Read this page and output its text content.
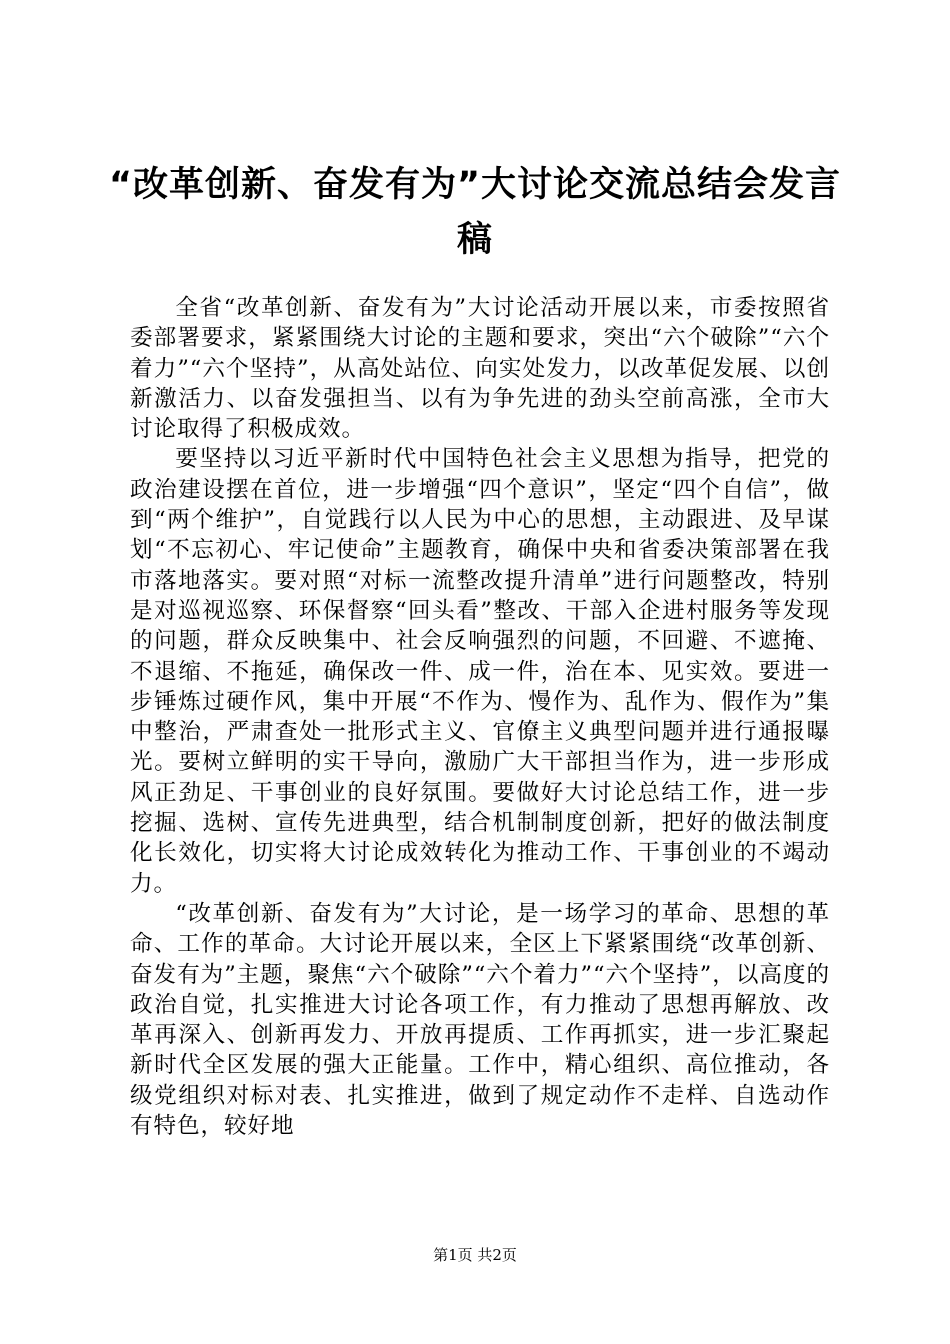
“改革创新、奋发有为”大讨论交流总结会发言稿

全省“改革创新、奋发有为”大讨论活动开展以来，市委按照省委部署要求，紧紧围绕大讨论的主题和要求，突出“六个破除”“六个着力”“六个坚持”，从高处站位、向实处发力，以改革促发展、以创新激活力、以奋发强担当、以有为争先进的劲头空前高涨，全市大讨论取得了积极成效。

要坚持以习近平新时代中国特色社会主义思想为指导，把党的政治建设摆在首位，进一步增强“四个意识”，坚定“四个自信”，做到“两个维护”，自觉践行以人民为中心的思想，主动跟进、及早谋划“不忘初心、牢记使命”主题教育，确保中央和省委决策部署在我市落地落实。要对照“对标一流整改提升清单”进行问题整改，特别是对巡视巡察、环保督察“回头看”整改、干部入企进村服务等发现的问题，群众反映集中、社会反响强烈的问题，不回避、不遮掩、不退缩、不拖延，确保改一件、成一件，治在本、见实效。要进一步锤炼过硬作风，集中开展“不作为、慢作为、乱作为、假作为”集中整治，严肃查处一批形式主义、官僚主义典型问题并进行通报曝光。要树立鲜明的实干导向，激励广大干部担当作为，进一步形成风正劲足、干事创业的良好氛围。要做好大讨论总结工作，进一步挖掘、选树、宣传先进典型，结合机制制度创新，把好的做法制度化长效化，切实将大讨论成效转化为推动工作、干事创业的不竭动力。

“改革创新、奋发有为”大讨论，是一场学习的革命、思想的革命、工作的革命。大讨论开展以来，全区上下紧紧围绕“改革创新、奋发有为”主题，聚焦“六个破除”“六个着力”“六个坚持”，以高度的政治自觉，扎实推进大讨论各项工作，有力推动了思想再解放、改革再深入、创新再发力、开放再提质、工作再抓实，进一步汇聚起新时代全区发展的强大正能量。工作中，精心组织、高位推动，各级党组织对标对表、扎实推进，做到了规定动作不走样、自选动作有特色，较好地

第1页 共2页
